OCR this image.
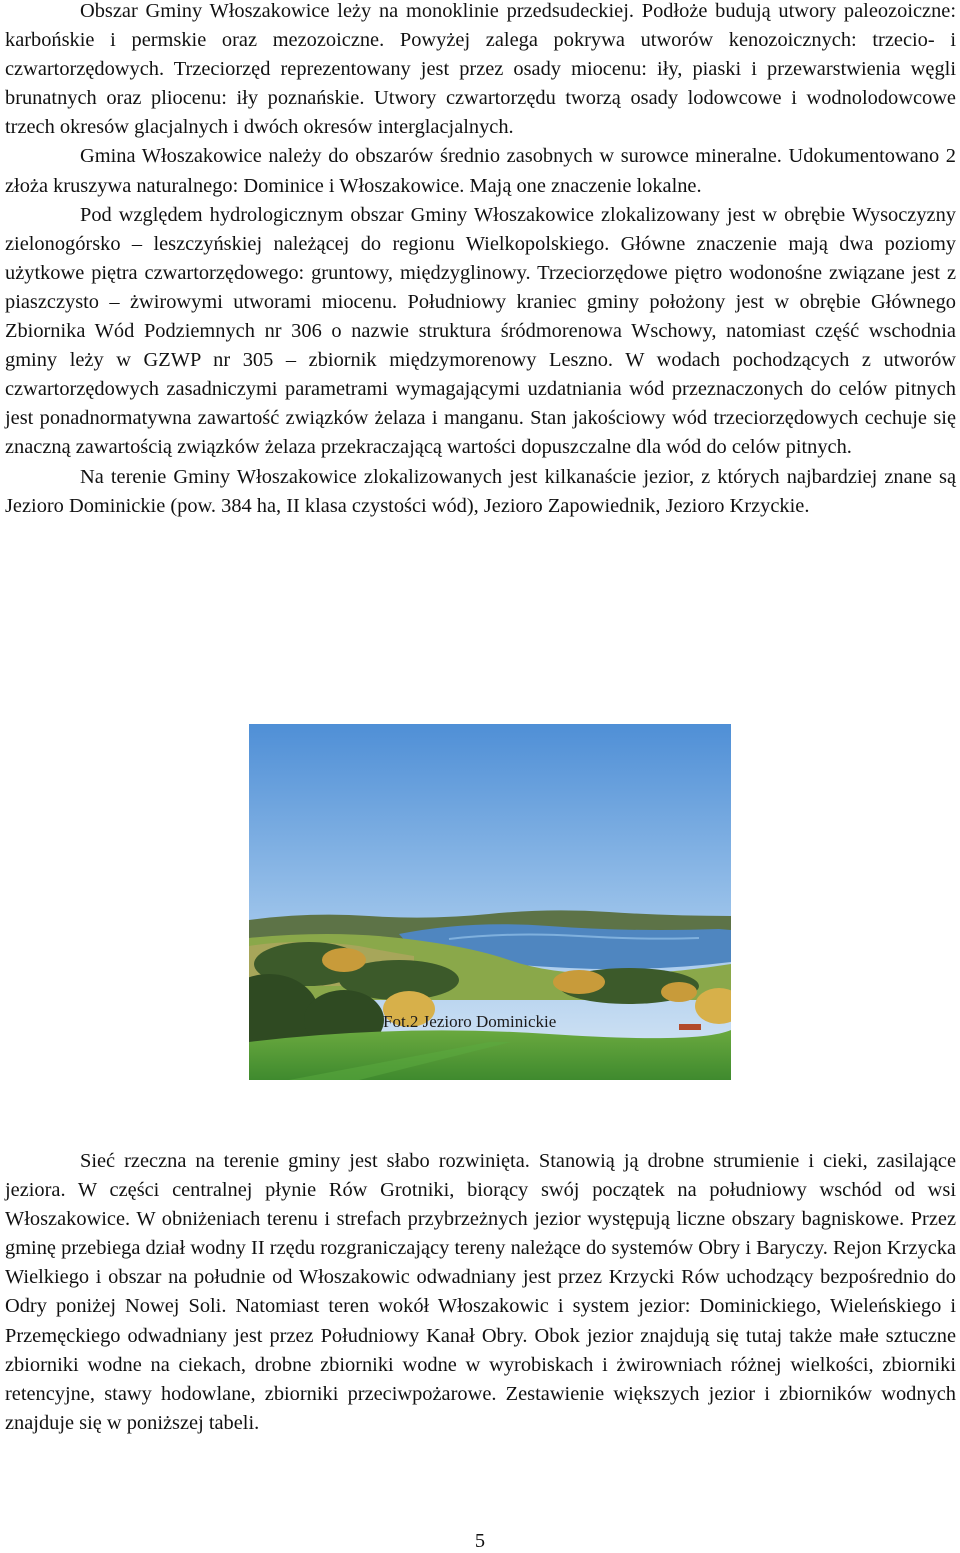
Obszar Gminy Włoszakowice leży na monoklinie przedsudeckiej. Podłoże budują utwory paleozoiczne: karbońskie i permskie oraz mezozoiczne. Powyżej zalega pokrywa utworów kenozoicznych: trzecio- i czwartorzędowych. Trzeciorzęd reprezentowany jest przez osady miocenu: iły, piaski i przewarstwienia węgli brunatnych oraz pliocenu: iły poznańskie. Utwory czwartorzędu tworzą osady lodowcowe i wodnolodowcowe trzech okresów glacjalnych i dwóch okresów interglacjalnych.

Gmina Włoszakowice należy do obszarów średnio zasobnych w surowce mineralne. Udokumentowano 2 złoża kruszywa naturalnego: Dominice i Włoszakowice. Mają one znaczenie lokalne.

Pod względem hydrologicznym obszar Gminy Włoszakowice zlokalizowany jest w obrębie Wysoczyzny zielonogórsko – leszczyńskiej należącej do regionu Wielkopolskiego. Główne znaczenie mają dwa poziomy użytkowe piętra czwartorzędowego: gruntowy, międzyglinowy. Trzeciorzędowe piętro wodonośne związane jest z piaszczysto – żwirowymi utworami miocenu. Południowy kraniec gminy położony jest w obrębie Głównego Zbiornika Wód Podziemnych nr 306 o nazwie struktura śródmorenowa Wschowy, natomiast część wschodnia gminy leży w GZWP nr 305 – zbiornik międzymorenowy Leszno. W wodach pochodzących z utworów czwartorzędowych zasadniczymi parametrami wymagającymi uzdatniania wód przeznaczonych do celów pitnych jest ponadnormatywna zawartość związków żelaza i manganu. Stan jakościowy wód trzeciorzędowych cechuje się znaczną zawartością związków żelaza przekraczającą wartości dopuszczalne dla wód do celów pitnych.

Na terenie Gminy Włoszakowice zlokalizowanych jest kilkanaście jezior, z których najbardziej znane są Jezioro Dominickie (pow. 384 ha, II klasa czystości wód), Jezioro Zapowiednik, Jezioro Krzyckie.

Fot.2 Jezioro Dominickie

Sieć rzeczna na terenie gminy jest słabo rozwinięta. Stanowią ją drobne strumienie i cieki, zasilające jeziora. W części centralnej płynie Rów Grotniki, biorący swój początek na południowy wschód od wsi Włoszakowice. W obniżeniach terenu i strefach przybrzeżnych jezior występują liczne obszary bagniskowe. Przez gminę przebiega dział wodny II rzędu rozgraniczający tereny należące do systemów Obry i Baryczy. Rejon Krzycka Wielkiego i obszar na południe od Włoszakowic odwadniany jest przez Krzycki Rów uchodzący bezpośrednio do Odry poniżej Nowej Soli. Natomiast teren wokół Włoszakowic i system jezior: Dominickiego, Wieleńskiego i Przemęckiego odwadniany jest przez Południowy Kanał Obry. Obok jezior znajdują się tutaj także małe sztuczne zbiorniki wodne na ciekach, drobne zbiorniki wodne w wyrobiskach i żwirowniach różnej wielkości, zbiorniki retencyjne, stawy hodowlane, zbiorniki przeciwpożarowe. Zestawienie większych jezior i zbiorników wodnych znajduje się w poniższej tabeli.

5
